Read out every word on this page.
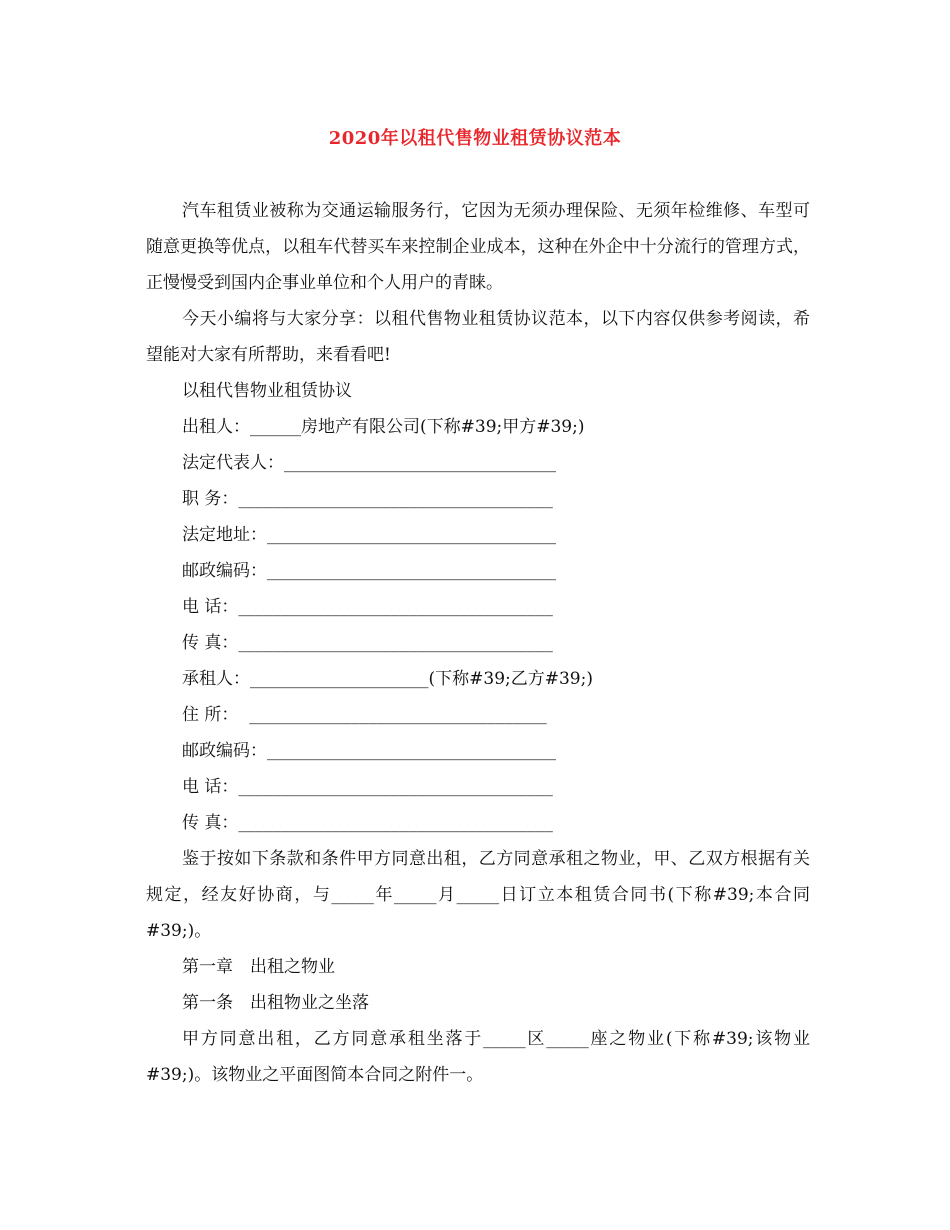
2020年以租代售物业租赁协议范本

汽车租赁业被称为交通运输服务行，它因为无须办理保险、无须年检维修、车型可随意更换等优点，以租车代替买车来控制企业成本，这种在外企中十分流行的管理方式，正慢慢受到国内企事业单位和个人用户的青睐。

今天小编将与大家分享：以租代售物业租赁协议范本，以下内容仅供参考阅读，希望能对大家有所帮助，来看看吧!

以租代售物业租赁协议

出租人：______房地产有限公司(下称#39;甲方#39;)

法定代表人：________________________________

职 务：_____________________________________

法定地址：__________________________________

邮政编码：__________________________________

电 话：_____________________________________

传 真：_____________________________________

承租人：_____________________(下称#39;乙方#39;)

住 所：  ___________________________________

邮政编码：__________________________________

电 话：_____________________________________

传 真：_____________________________________

鉴于按如下条款和条件甲方同意出租，乙方同意承租之物业，甲、乙双方根据有关规定，经友好协商，与_____年_____月_____日订立本租赁合同书(下称#39;本合同#39;)。

第一章　出租之物业

第一条　出租物业之坐落

甲方同意出租，乙方同意承租坐落于_____区_____座之物业(下称#39;该物业#39;)。该物业之平面图简本合同之附件一。
